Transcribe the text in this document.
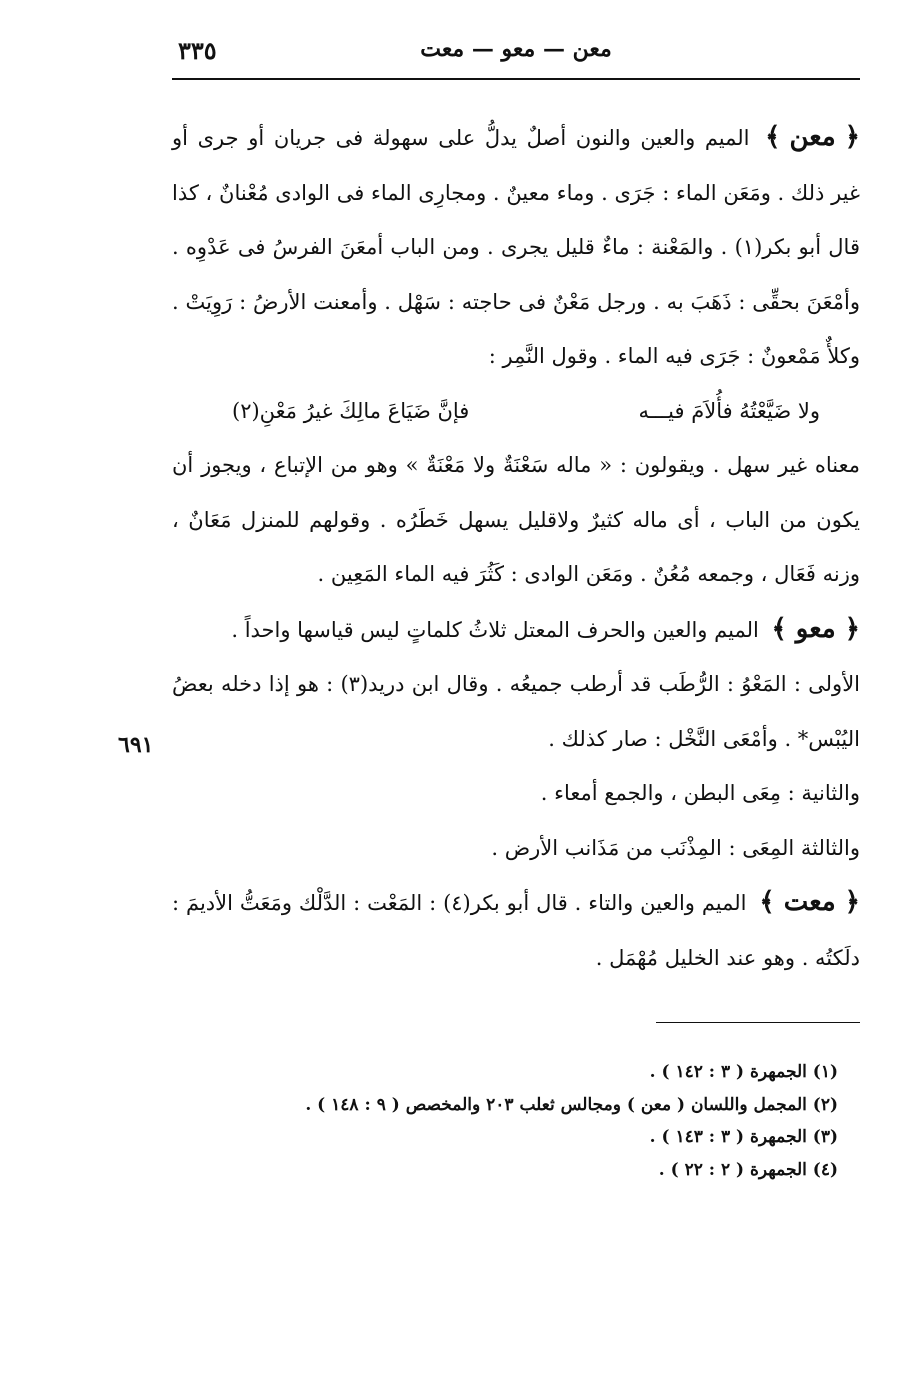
معن — معو — معت
٣٣٥
٦٩١

﴿ معن ﴾ الميم والعين والنون أصلٌ يدلُّ على سهولة فى جريان أو جرى أو غير ذلك . ومَعَن الماء : جَرَى . وماء معينٌ . ومجارِى الماء فى الوادى مُعْنانٌ ، كذا قال أبو بكر(١) . والمَعْنة : ماءٌ قليل يجرى . ومن الباب أمعَنَ الفرسُ فى عَدْوِه . وأمْعَنَ بحقِّى : ذَهَبَ به . ورجل مَعْنٌ فى حاجته : سَهْل . وأمعنت الأرضُ : رَوِيَتْ . وكلأٌ مَمْعونٌ : جَرَى فيه الماء . وقول النَّمِر :

ولا ضَيَّعْتُهُ فأُلاَمَ فيـــه
فإنَّ ضَيَاعَ مالِكَ غيرُ مَعْنِ(٢)

معناه غير سهل . ويقولون : « ماله سَعْنَةٌ ولا مَعْنَةٌ » وهو من الإتباع ، ويجوز أن يكون من الباب ، أى ماله كثيرٌ ولاقليل يسهل خَطَرُه . وقولهم للمنزل مَعَانٌ ، وزنه فَعَال ، وجمعه مُعُنٌ . ومَعَن الوادى : كَثُرَ فيه الماء المَعِين .

﴿ معو ﴾ الميم والعين والحرف المعتل ثلاثُ كلماتٍ ليس قياسها واحداً .

الأولى : المَعْوُ : الرُّطَب قد أرطب جميعُه . وقال ابن دريد(٣) : هو إذا دخله بعضُ اليُبْس* . وأمْعَى النَّخْل : صار كذلك .

والثانية : مِعَى البطن ، والجمع أمعاء .

والثالثة المِعَى : المِذْنَب من مَذَانب الأرض .

﴿ معت ﴾ الميم والعين والتاء . قال أبو بكر(٤) : المَعْت : الدَّلْك ومَعَتُّ الأديمَ : دلَكتُه . وهو عند الخليل مُهْمَل .

(١) الجمهرة ( ٣ : ١٤٢ ) .
(٢) المجمل واللسان ( معن ) ومجالس ثعلب ٢٠٣ والمخصص ( ٩ : ١٤٨ ) .
(٣) الجمهرة ( ٣ : ١٤٣ ) .
(٤) الجمهرة ( ٢ : ٢٢ ) .
